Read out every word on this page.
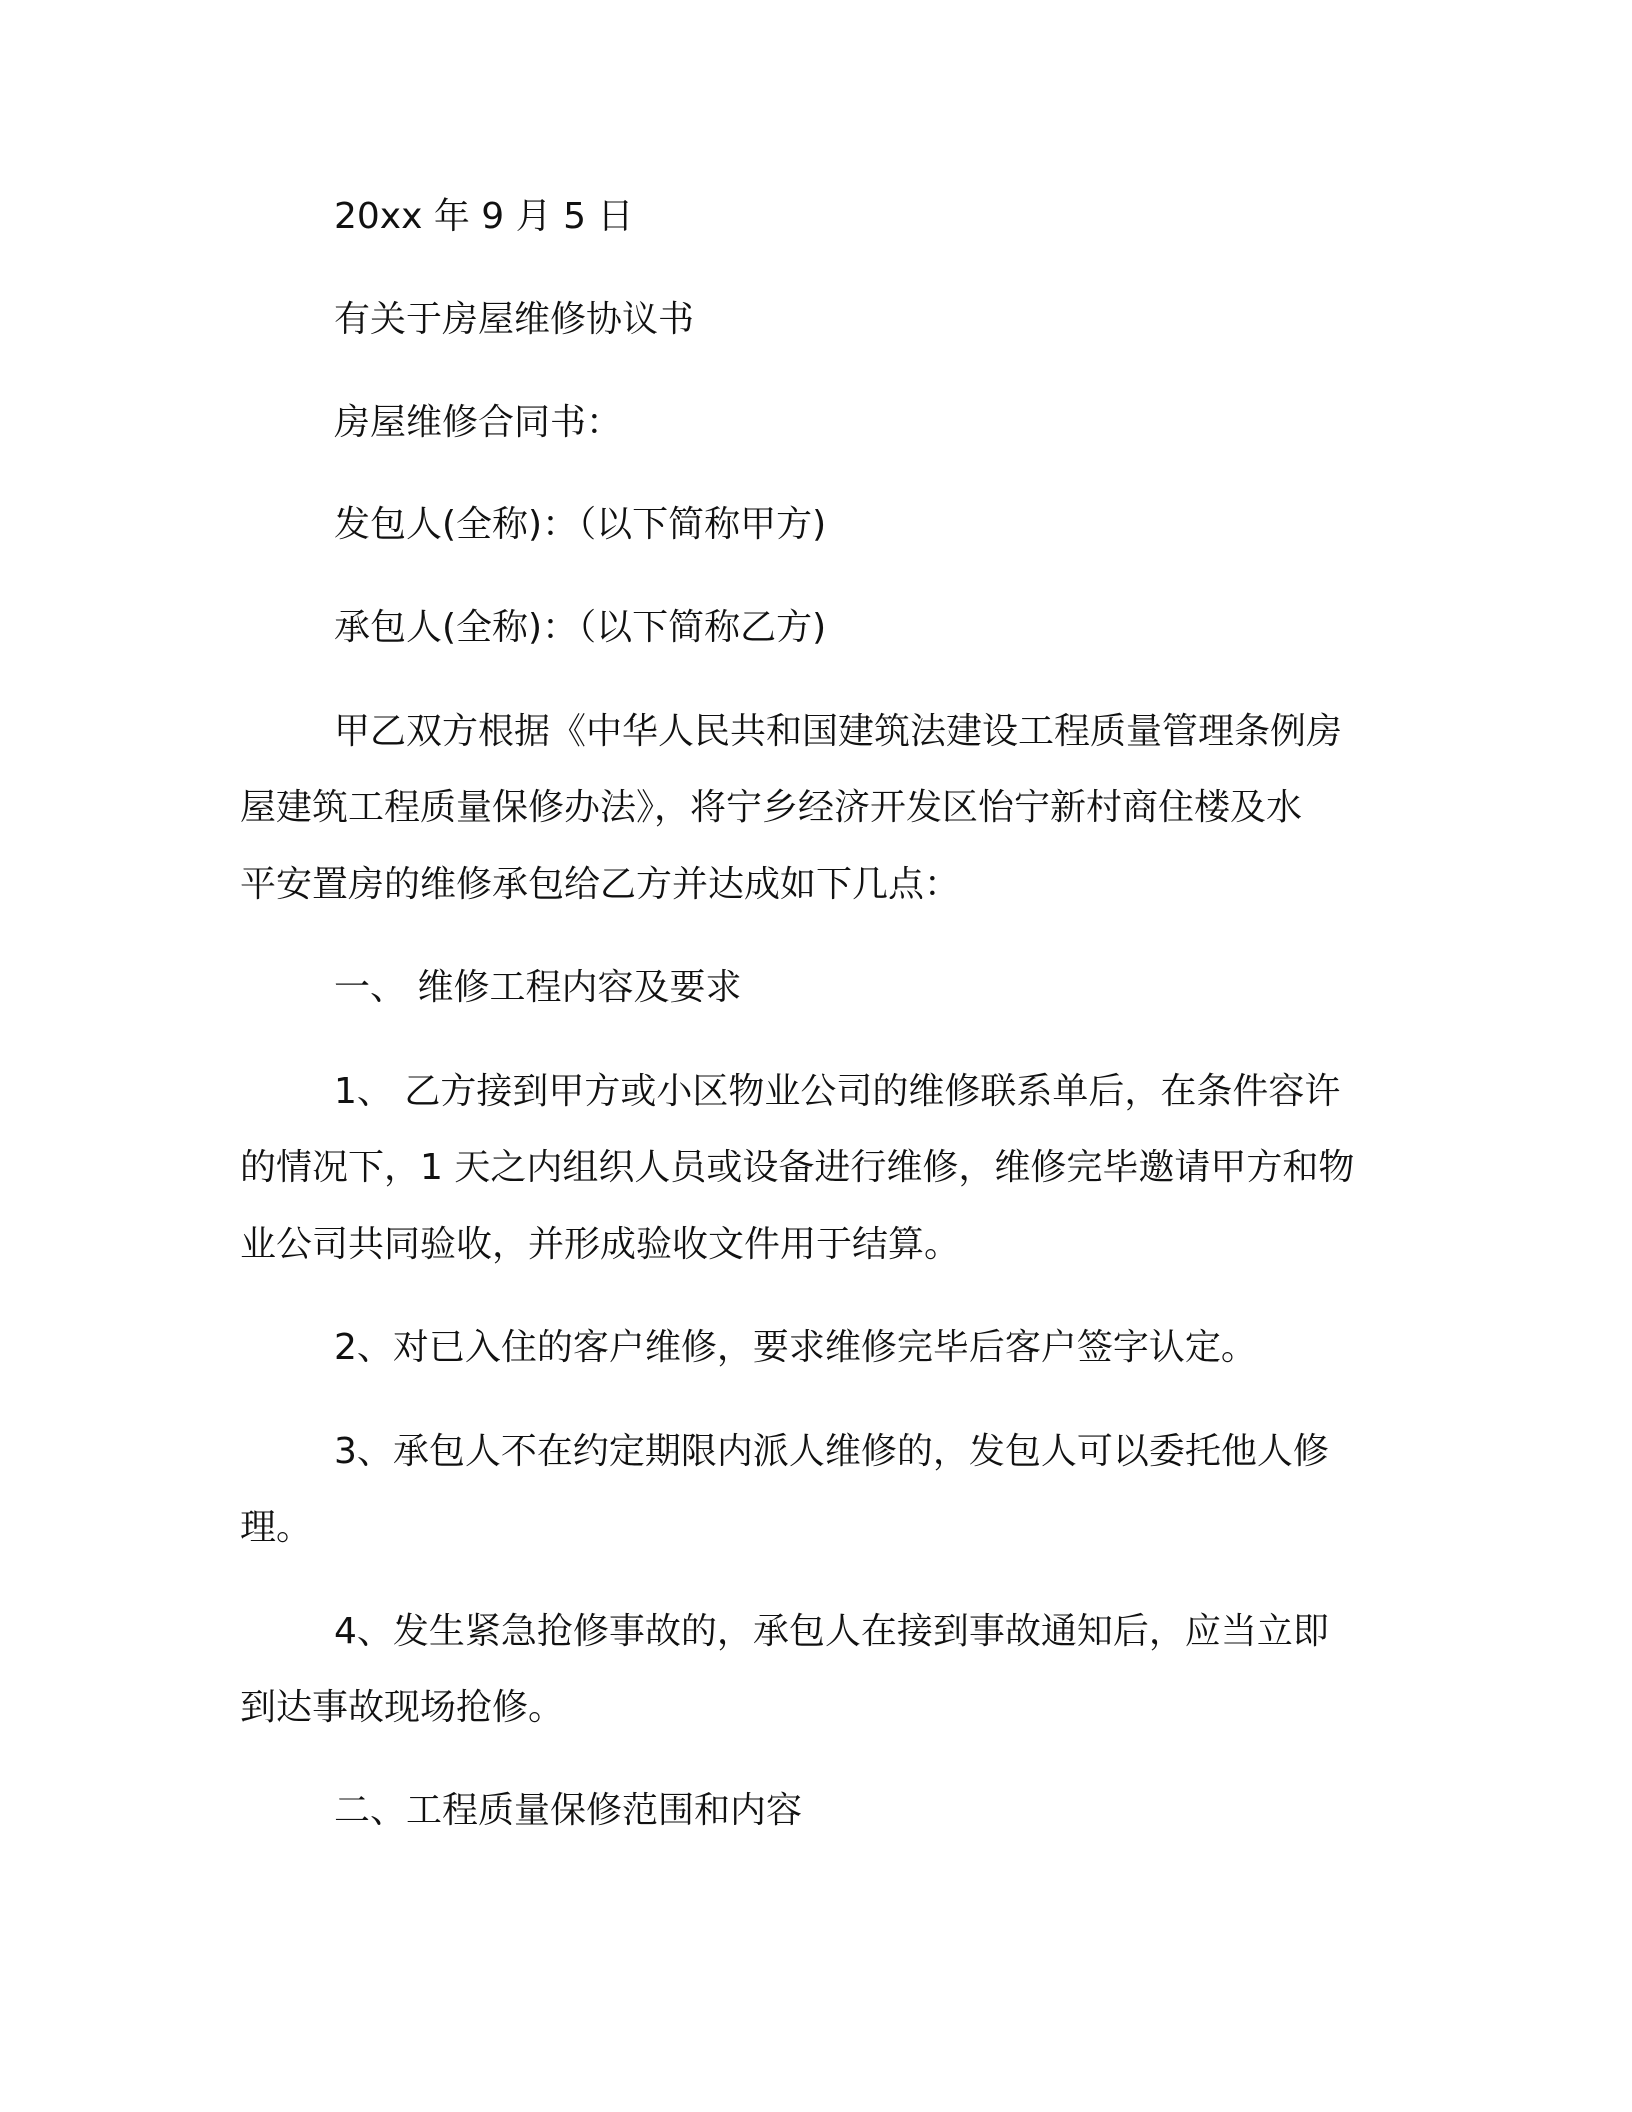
20xx 年 9 月 5 日

有关于房屋维修协议书

房屋维修合同书：

发包人(全称)：（以下简称甲方)

承包人(全称)：（以下简称乙方)

甲乙双方根据《中华人民共和国建筑法建设工程质量管理条例房

屋建筑工程质量保修办法》，将宁乡经济开发区怡宁新村商住楼及水

平安置房的维修承包给乙方并达成如下几点：

一、 维修工程内容及要求

1、 乙方接到甲方或小区物业公司的维修联系单后，在条件容许

的情况下，1 天之内组织人员或设备进行维修，维修完毕邀请甲方和物

业公司共同验收，并形成验收文件用于结算。

2、对已入住的客户维修，要求维修完毕后客户签字认定。

3、承包人不在约定期限内派人维修的，发包人可以委托他人修

理。

4、发生紧急抢修事故的，承包人在接到事故通知后，应当立即

到达事故现场抢修。

二、工程质量保修范围和内容
